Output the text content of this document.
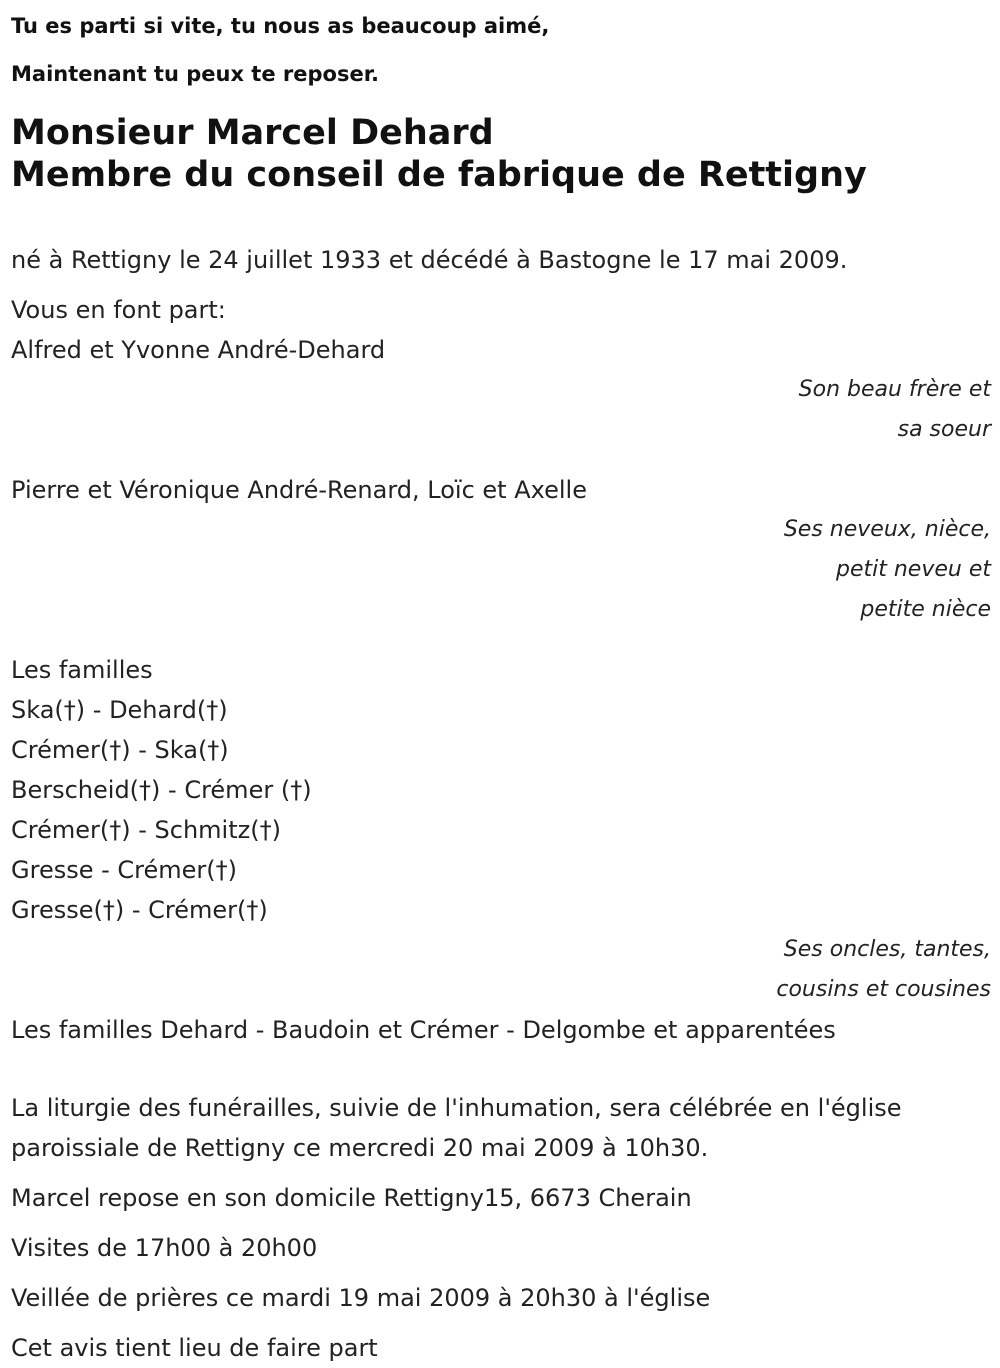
Tu es parti si vite, tu nous as beaucoup aimé,
Maintenant tu peux te reposer.
Monsieur Marcel Dehard
Membre du conseil de fabrique de Rettigny
né à Rettigny le 24 juillet 1933 et décédé à Bastogne le 17 mai 2009.
Vous en font part:
Alfred et Yvonne André-Dehard
Son beau frère et
sa soeur
Pierre et Véronique André-Renard, Loïc et Axelle
Ses neveux, nièce,
petit neveu et
petite nièce
Les familles
Ska(†) - Dehard(†)
Crémer(†) - Ska(†)
Berscheid(†) - Crémer (†)
Crémer(†) - Schmitz(†)
Gresse - Crémer(†)
Gresse(†) - Crémer(†)
Ses oncles, tantes,
cousins et cousines
Les familles Dehard - Baudoin et Crémer - Delgombe et apparentées
La liturgie des funérailles, suivie de l'inhumation, sera célébrée en l'église paroissiale de Rettigny ce mercredi 20 mai 2009 à 10h30.
Marcel repose en son domicile Rettigny15, 6673 Cherain
Visites de 17h00 à 20h00
Veillée de prières ce mardi 19 mai 2009 à 20h30 à l'église
Cet avis tient lieu de faire part
